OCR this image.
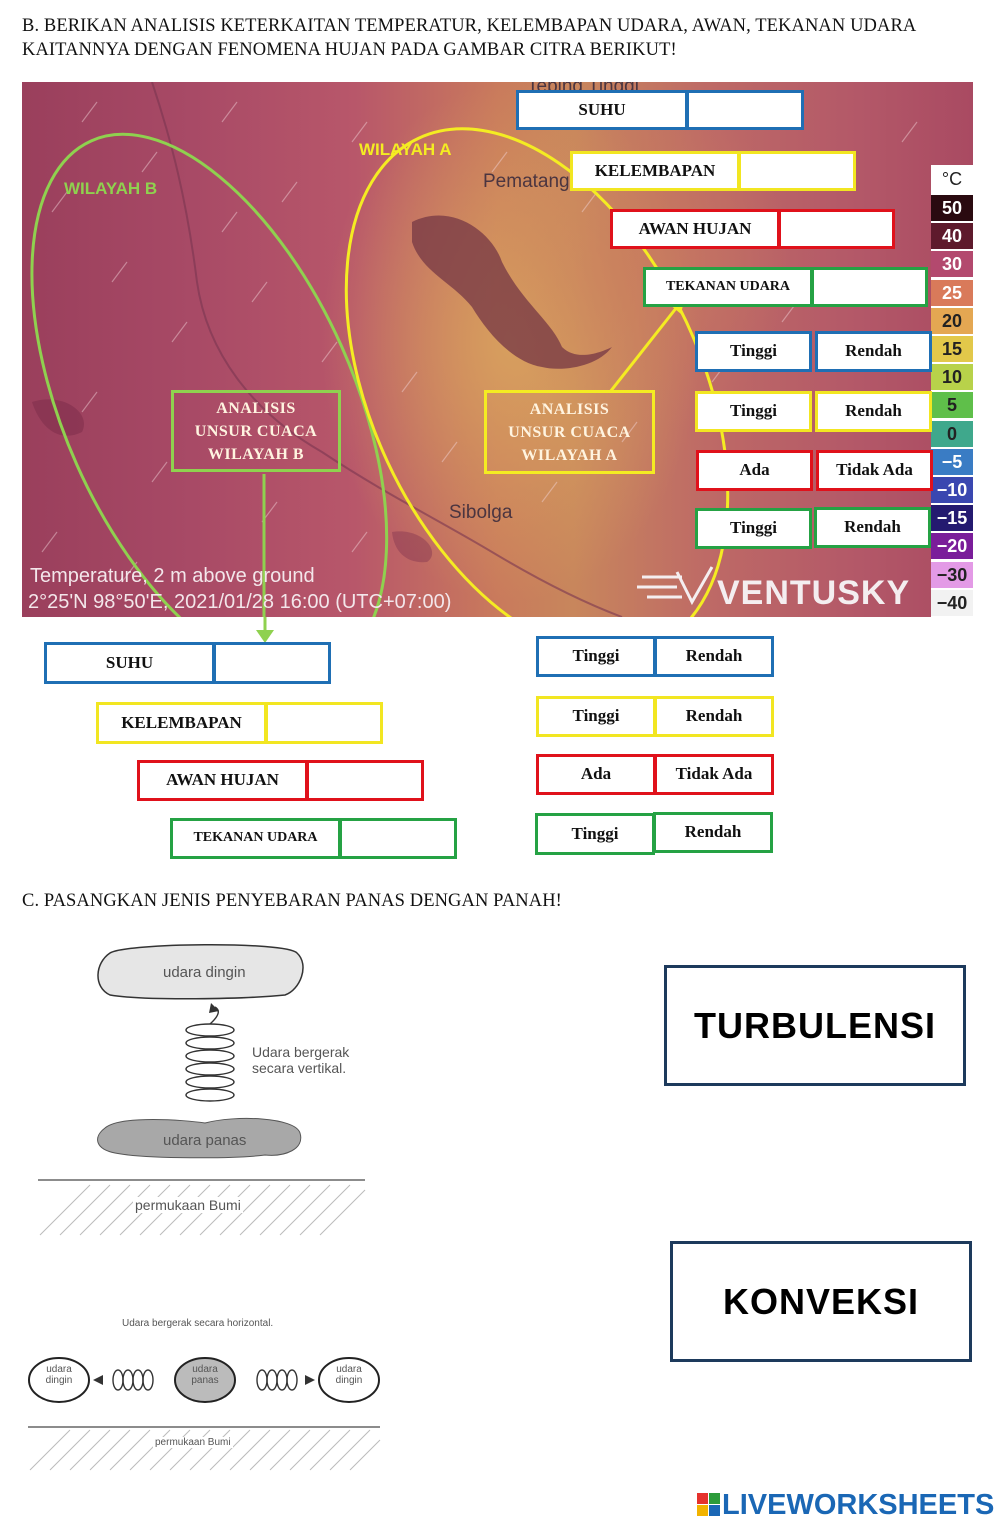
B. BERIKAN ANALISIS KETERKAITAN TEMPERATUR, KELEMBAPAN UDARA, AWAN, TEKANAN UDARA
KAITANNYA DENGAN FENOMENA HUJAN PADA GAMBAR CITRA BERIKUT!
Pematang
Sibolga
WILAYAH A
WILAYAH B
Temperature, 2 m above ground
2°25'N 98°50'E, 2021/01/28 16:00 (UTC+07:00)	VENTUSKY
°C
50
40
30
25
20
15
10
5
0
−5
−10
−15
−20
−30
−40
SUHU
KELEMBAPAN
AWAN HUJAN
TEKANAN UDARA
Tinggi	Rendah
Tinggi	Rendah
Ada	Tidak Ada
Tinggi	Rendah
ANALISIS
UNSUR CUACA
WILAYAH A
ANALISIS
UNSUR CUACA
WILAYAH B
SUHU
KELEMBAPAN
AWAN HUJAN
TEKANAN UDARA
Tinggi	Rendah
Tinggi	Rendah
Ada	Tidak Ada
Tinggi	Rendah
C. PASANGKAN JENIS PENYEBARAN PANAS DENGAN PANAH!
udara dingin
udara panas
Udara bergerak
secara vertikal.
permukaan Bumi
Udara bergerak secara horizontal.
udara
dingin
udara
panas
udara
dingin
permukaan Bumi
TURBULENSI
KONVEKSI
LIVEWORKSHEETS
